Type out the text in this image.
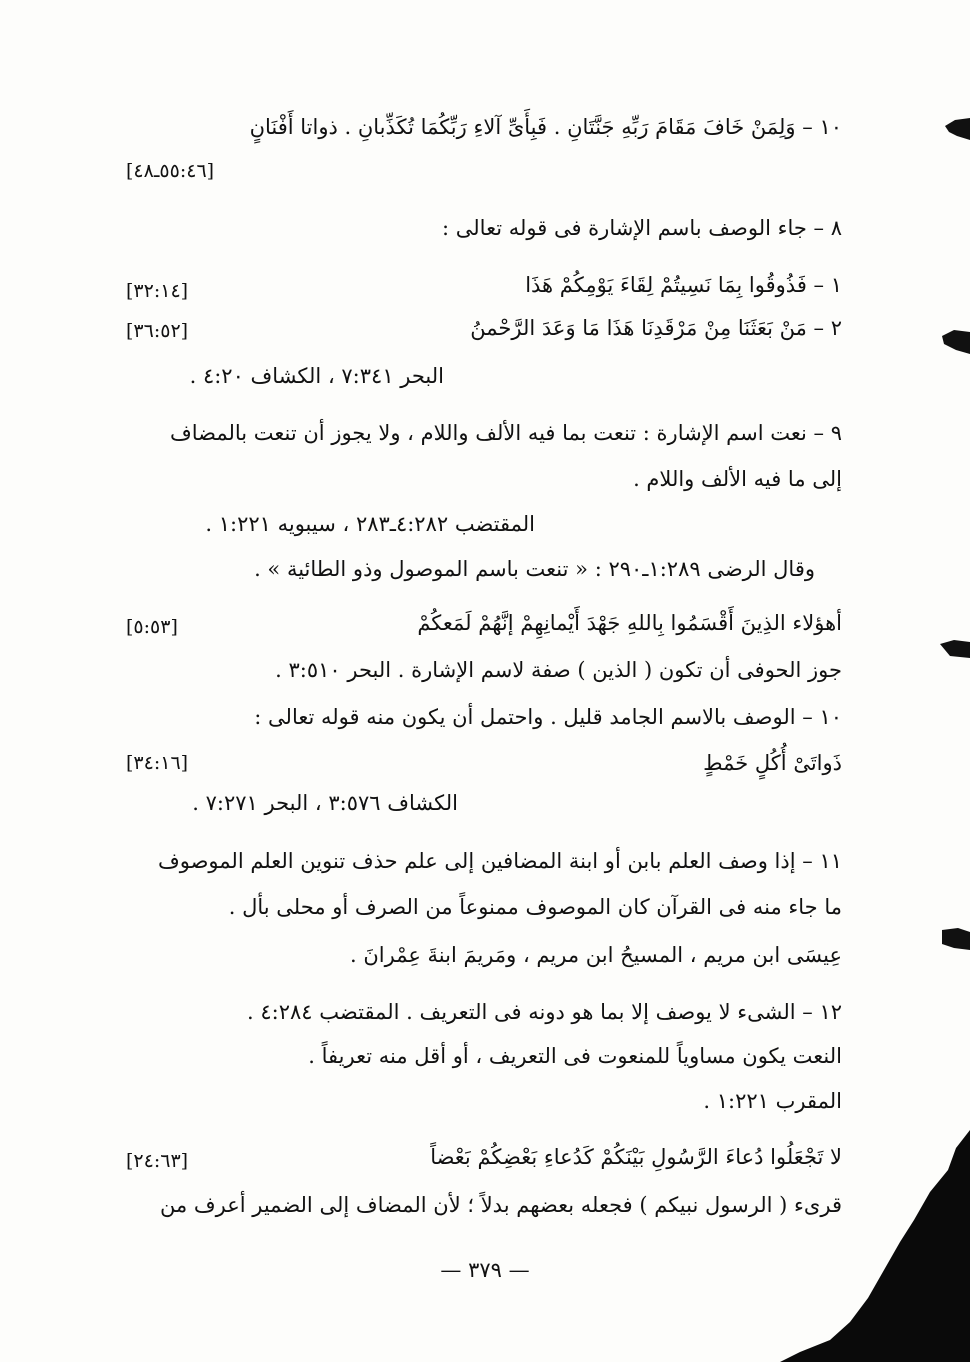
١٠ – وَلِمَنْ خَافَ مَقَامَ رَبِّهِ جَنَّتَانِ . فَبِأَىِّ آلاءِ رَبِّكُمَا تُكَذِّبانِ . ذواتا أَفْنَانٍ
[٥٥:٤٦ـ٤٨]
٨ – جاء الوصف باسم الإشارة فى قوله تعالى :
١ – فَذُوقُوا بِمَا نَسِيتُمْ لِقَاءَ يَوْمِكُمْ هَذَا
[٣٢:١٤]
٢ – مَنْ بَعَثَنَا مِنْ مَرْقَدِنَا هَذَا مَا وَعَدَ الرَّحْمنُ
[٣٦:٥٢]
البحر ٧:٣٤١ ، الكشاف ٤:٢٠ .
٩ – نعت اسم الإشارة : تنعت بما فيه الألف واللام ، ولا يجوز أن تنعت بالمضاف
إلى ما فيه الألف واللام .
المقتضب ٤:٢٨٢ـ٢٨٣ ، سيبويه ١:٢٢١ .
وقال الرضى ١:٢٨٩ـ٢٩٠ : « تنعت باسم الموصول وذو الطائية » .
أهؤلاء الذِينَ أَقْسَمُوا بِاللهِ جَهْدَ أَيْمانِهِمْ إنَّهُمْ لَمَعكُمْ
[٥:٥٣]
جوز الحوفى أن تكون ( الذين ) صفة لاسم الإشارة . البحر ٣:٥١٠ .
١٠ – الوصف بالاسم الجامد قليل . واحتمل أن يكون منه قوله تعالى :
ذَواتَىْ أُكُلٍ خَمْطٍ
[٣٤:١٦]
الكشاف ٣:٥٧٦ ، البحر ٧:٢٧١ .
١١ – إذا وصف العلم بابن أو ابنة المضافين إلى علم حذف تنوين العلم الموصوف
ما جاء منه فى القرآن كان الموصوف ممنوعاً من الصرف أو محلى بأل .
عِيسَى ابن مريم ، المسيحُ ابن مريم ، ومَريمَ ابنةَ عِمْرانَ .
١٢ – الشىء لا يوصف إلا بما هو دونه فى التعريف . المقتضب ٤:٢٨٤ .
النعت يكون مساوياً للمنعوت فى التعريف ، أو أقل منه تعريفاً .
المقرب ١:٢٢١ .
لا تَجْعَلُوا دُعاءَ الرَّسُولِ بَيْنَكُمْ كَدُعاءِ بَعْضِكُمْ بَعْضاً
[٢٤:٦٣]
قرىء ( الرسول نبيكم ) فجعله بعضهم بدلاً ؛ لأن المضاف إلى الضمير أعرف من
— ٣٧٩ —
